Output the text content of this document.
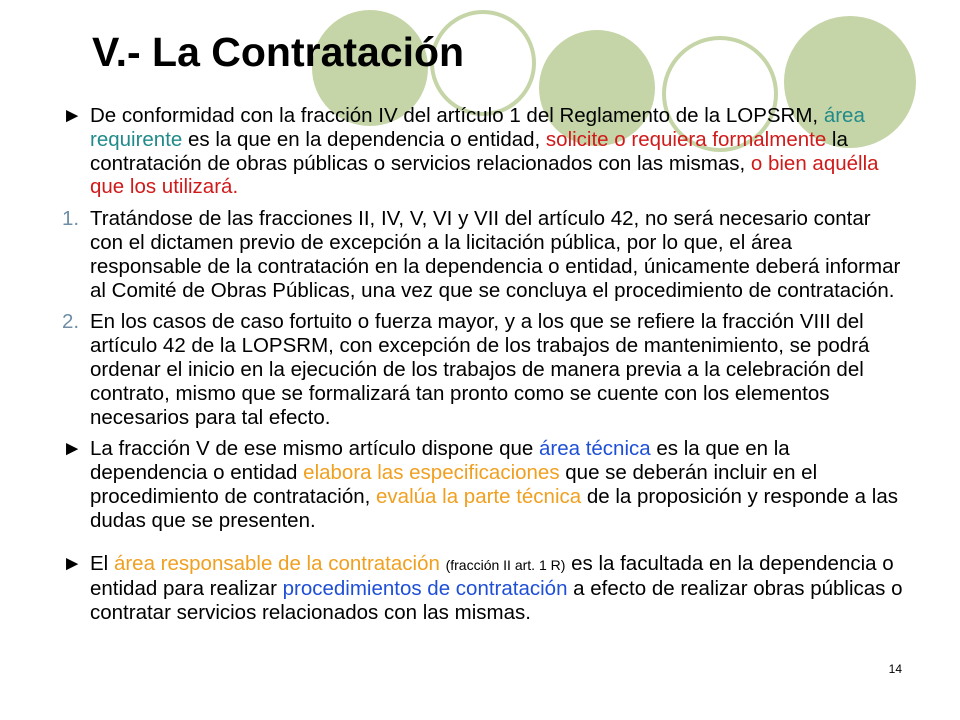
V.- La Contratación
► De conformidad con la fracción IV del artículo 1 del Reglamento de la LOPSRM, área requirente es la que en la dependencia o entidad, solicite o requiera formalmente la contratación de obras públicas o servicios relacionados con las mismas, o bien aquélla que los utilizará.
1. Tratándose de las fracciones II, IV, V, VI y VII del artículo 42, no será necesario contar con el dictamen previo de excepción a la licitación pública, por lo que, el área responsable de la contratación en la dependencia o entidad, únicamente deberá informar al Comité de Obras Públicas, una vez que se concluya el procedimiento de contratación.
2. En los casos de caso fortuito o fuerza mayor, y a los que se refiere la fracción VIII del artículo 42 de la LOPSRM, con excepción de los trabajos de mantenimiento, se podrá ordenar el inicio en la ejecución de los trabajos de manera previa a la celebración del contrato, mismo que se formalizará tan pronto como se cuente con los elementos necesarios para tal efecto.
► La fracción V de ese mismo artículo dispone que área técnica es la que en la dependencia o entidad elabora las especificaciones que se deberán incluir en el procedimiento de contratación, evalúa la parte técnica de la proposición y responde a las dudas que se presenten.
► El área responsable de la contratación (fracción II art. 1 R) es la facultada en la dependencia o entidad para realizar procedimientos de contratación a efecto de realizar obras públicas o contratar servicios relacionados con las mismas.
14
